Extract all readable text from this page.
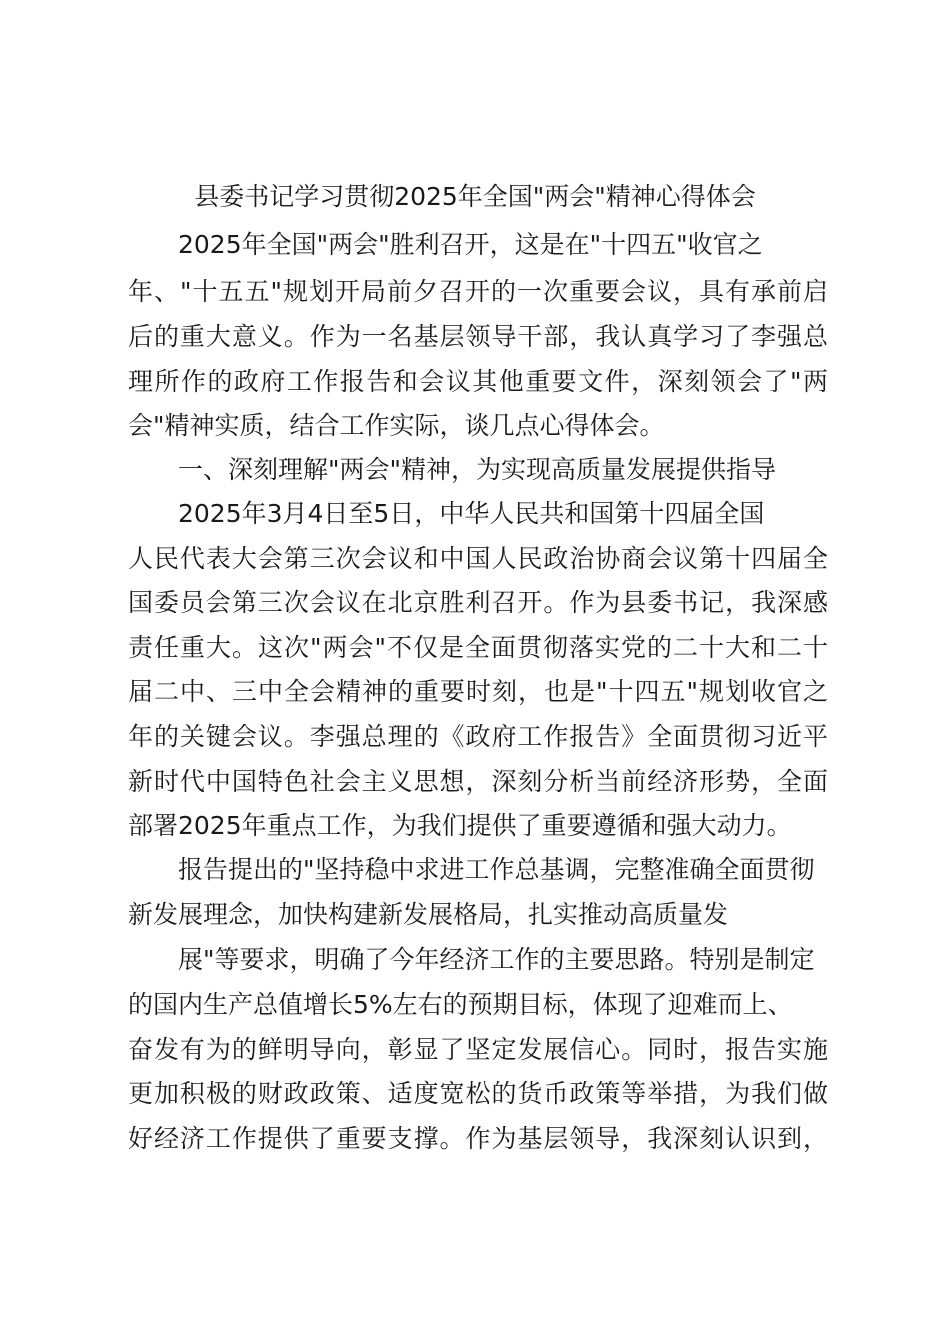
县委书记学习贯彻2025年全国"两会"精神心得体会
2025年全国"两会"胜利召开，这是在"十四五"收官之
年、"十五五"规划开局前夕召开的一次重要会议，具有承前启
后的重大意义。作为一名基层领导干部，我认真学习了李强总
理所作的政府工作报告和会议其他重要文件，深刻领会了"两
会"精神实质，结合工作实际，谈几点心得体会。
一、深刻理解"两会"精神，为实现高质量发展提供指导
2025年3月4日至5日，中华人民共和国第十四届全国
人民代表大会第三次会议和中国人民政治协商会议第十四届全
国委员会第三次会议在北京胜利召开。作为县委书记，我深感
责任重大。这次"两会"不仅是全面贯彻落实党的二十大和二十
届二中、三中全会精神的重要时刻，也是"十四五"规划收官之
年的关键会议。李强总理的《政府工作报告》全面贯彻习近平
新时代中国特色社会主义思想，深刻分析当前经济形势，全面
部署2025年重点工作，为我们提供了重要遵循和强大动力。
报告提出的"坚持稳中求进工作总基调，完整准确全面贯彻
新发展理念，加快构建新发展格局，扎实推动高质量发
展"等要求，明确了今年经济工作的主要思路。特别是制定
的国内生产总值增长5%左右的预期目标，体现了迎难而上、
奋发有为的鲜明导向，彰显了坚定发展信心。同时，报告实施
更加积极的财政政策、适度宽松的货币政策等举措，为我们做
好经济工作提供了重要支撑。作为基层领导，我深刻认识到，
